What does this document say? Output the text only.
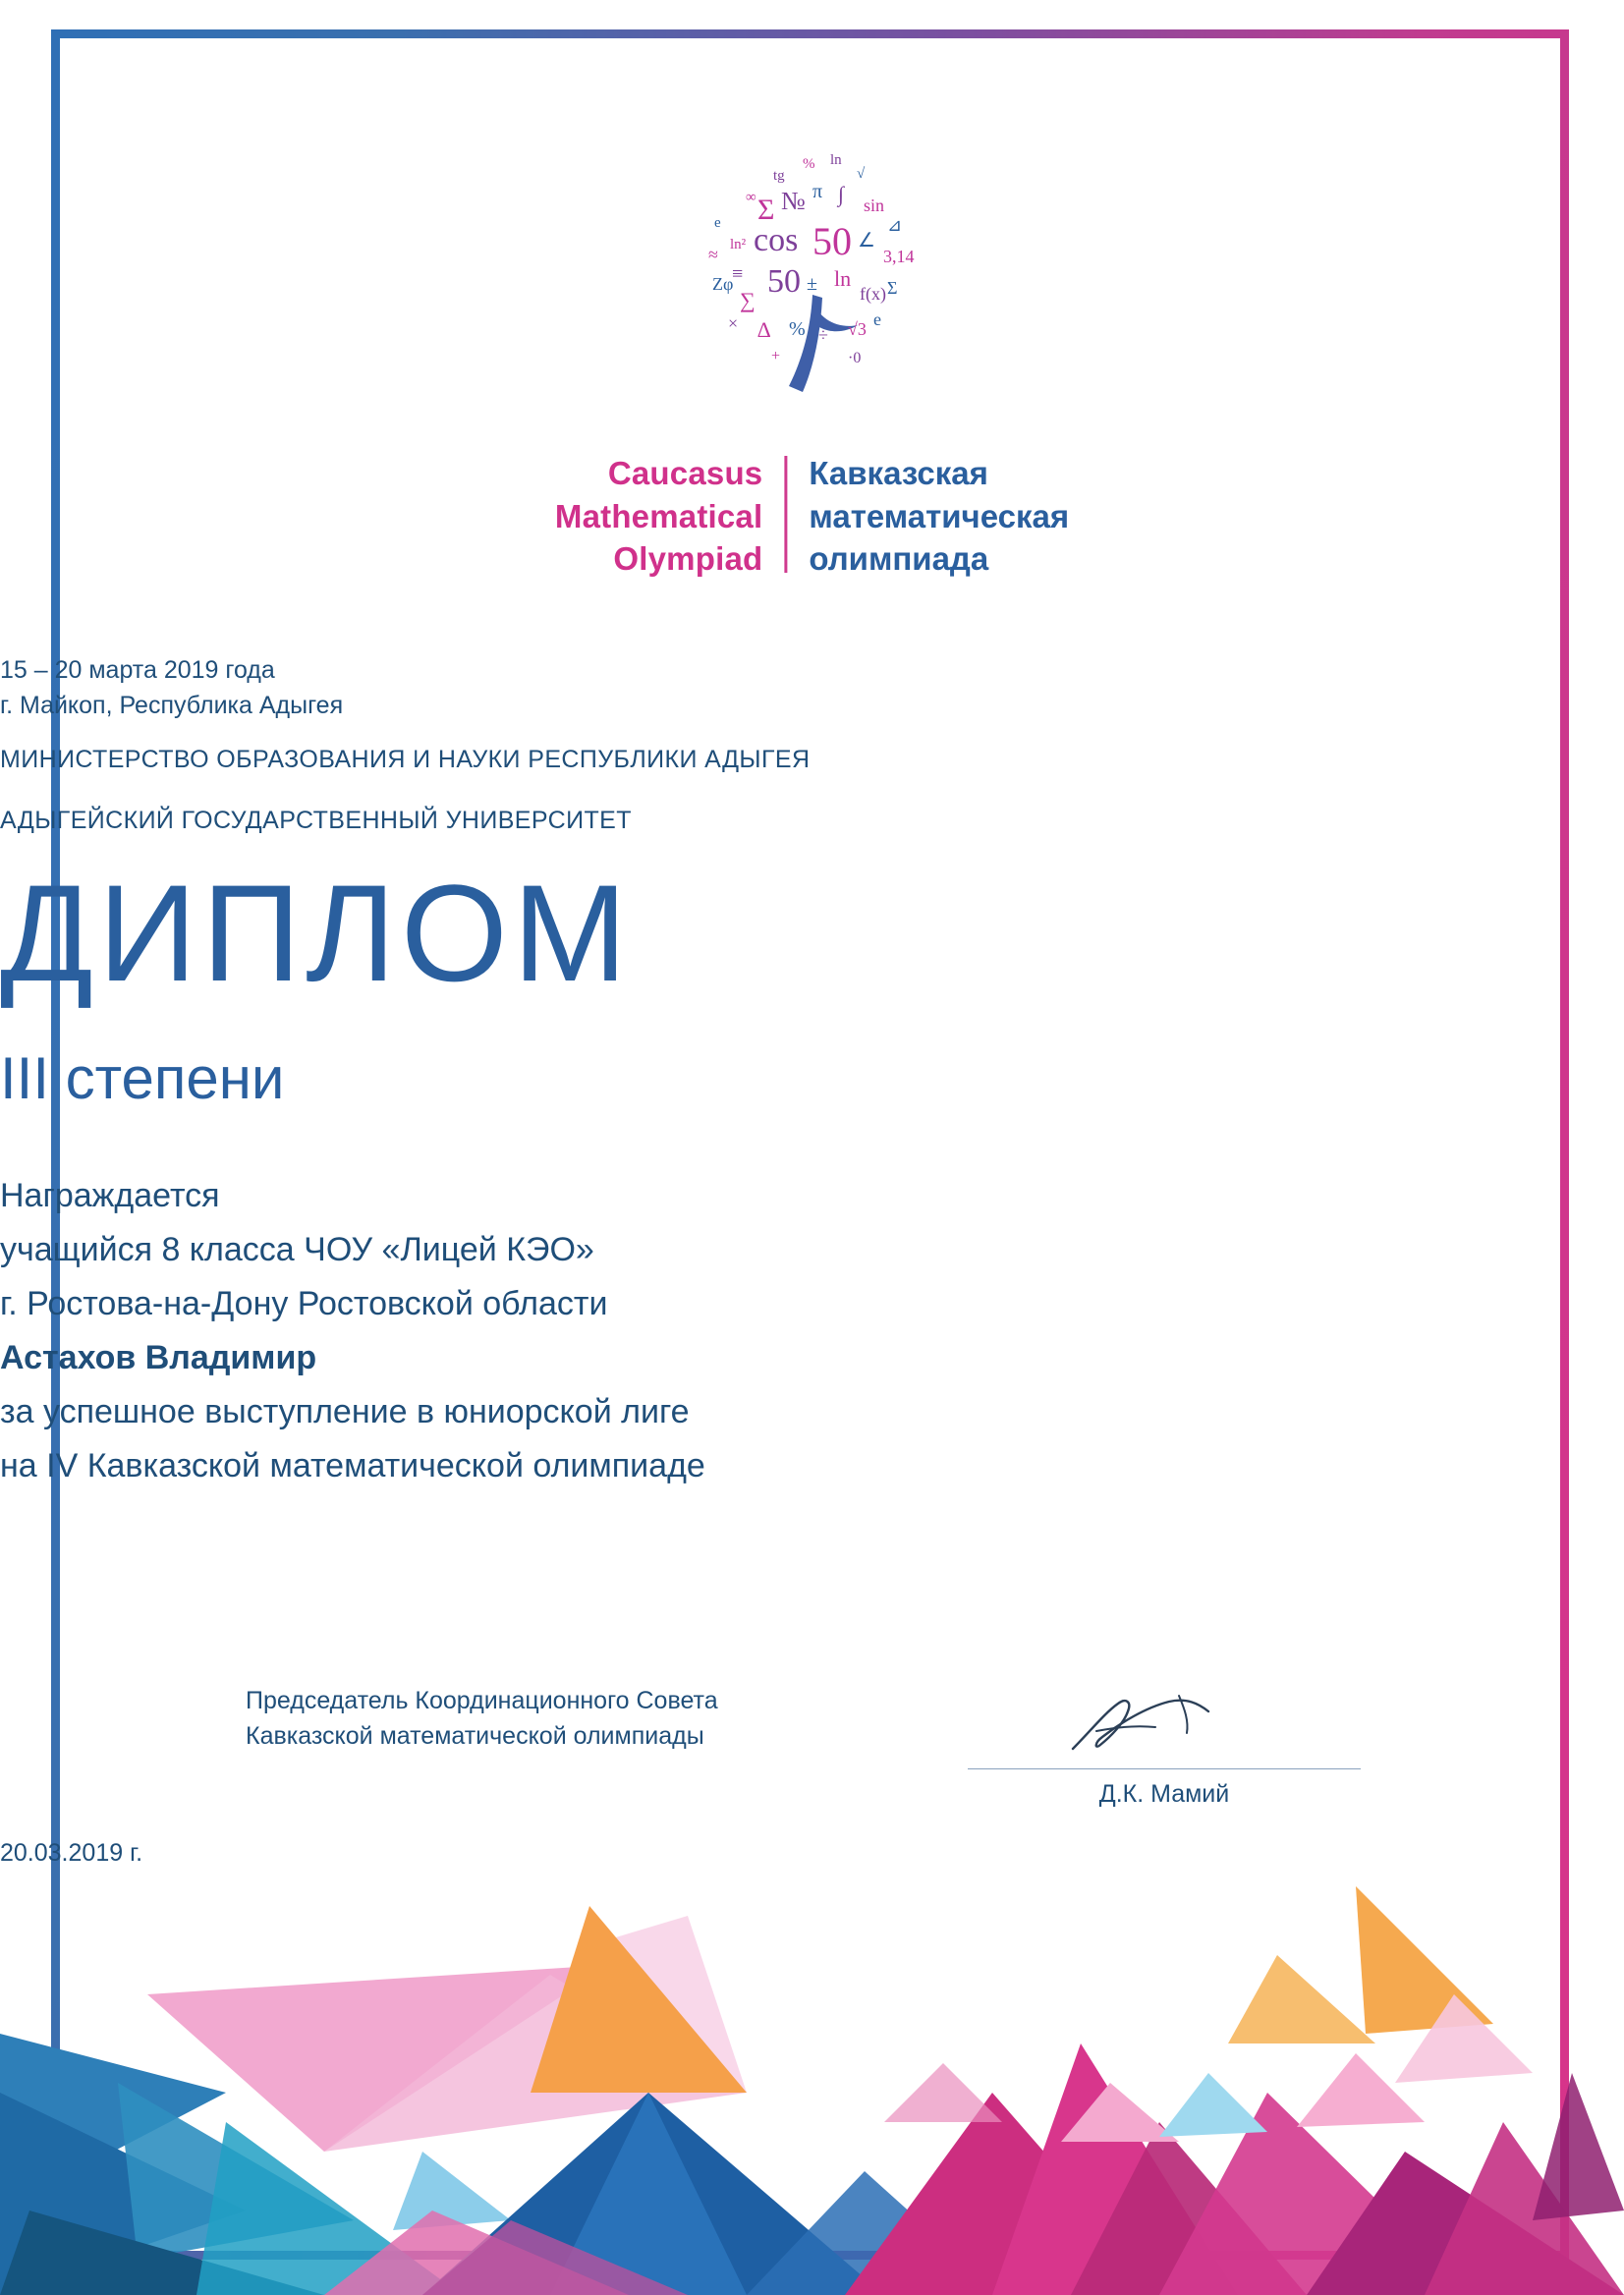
∞
tg
% ln
√
e
ln²
Σ № π ∫ sin
⊿
≈
≡
cos 50 ∠
3,14
Zφ
∑
50 ± ln
f(x) Σ
× ∆ % ÷ √3 e
+	·0
Caucasus
Mathematical
Olympiad
Кавказская
математическая
олимпиада
15 – 20 марта 2019 года
г. Майкоп, Республика Адыгея
МИНИСТЕРСТВО ОБРАЗОВАНИЯ И НАУКИ РЕСПУБЛИКИ АДЫГЕЯ
АДЫГЕЙСКИЙ ГОСУДАРСТВЕННЫЙ УНИВЕРСИТЕТ
ДИПЛОМ
III степени
Награждается
учащийся 8 класса ЧОУ «Лицей КЭО»
г. Ростова-на-Дону Ростовской области
Астахов Владимир
за успешное выступление в юниорской лиге
на IV Кавказской математической олимпиаде
Председатель Координационного Совета
Кавказской математической олимпиады
Д.К. Мамий
20.03.2019 г.
